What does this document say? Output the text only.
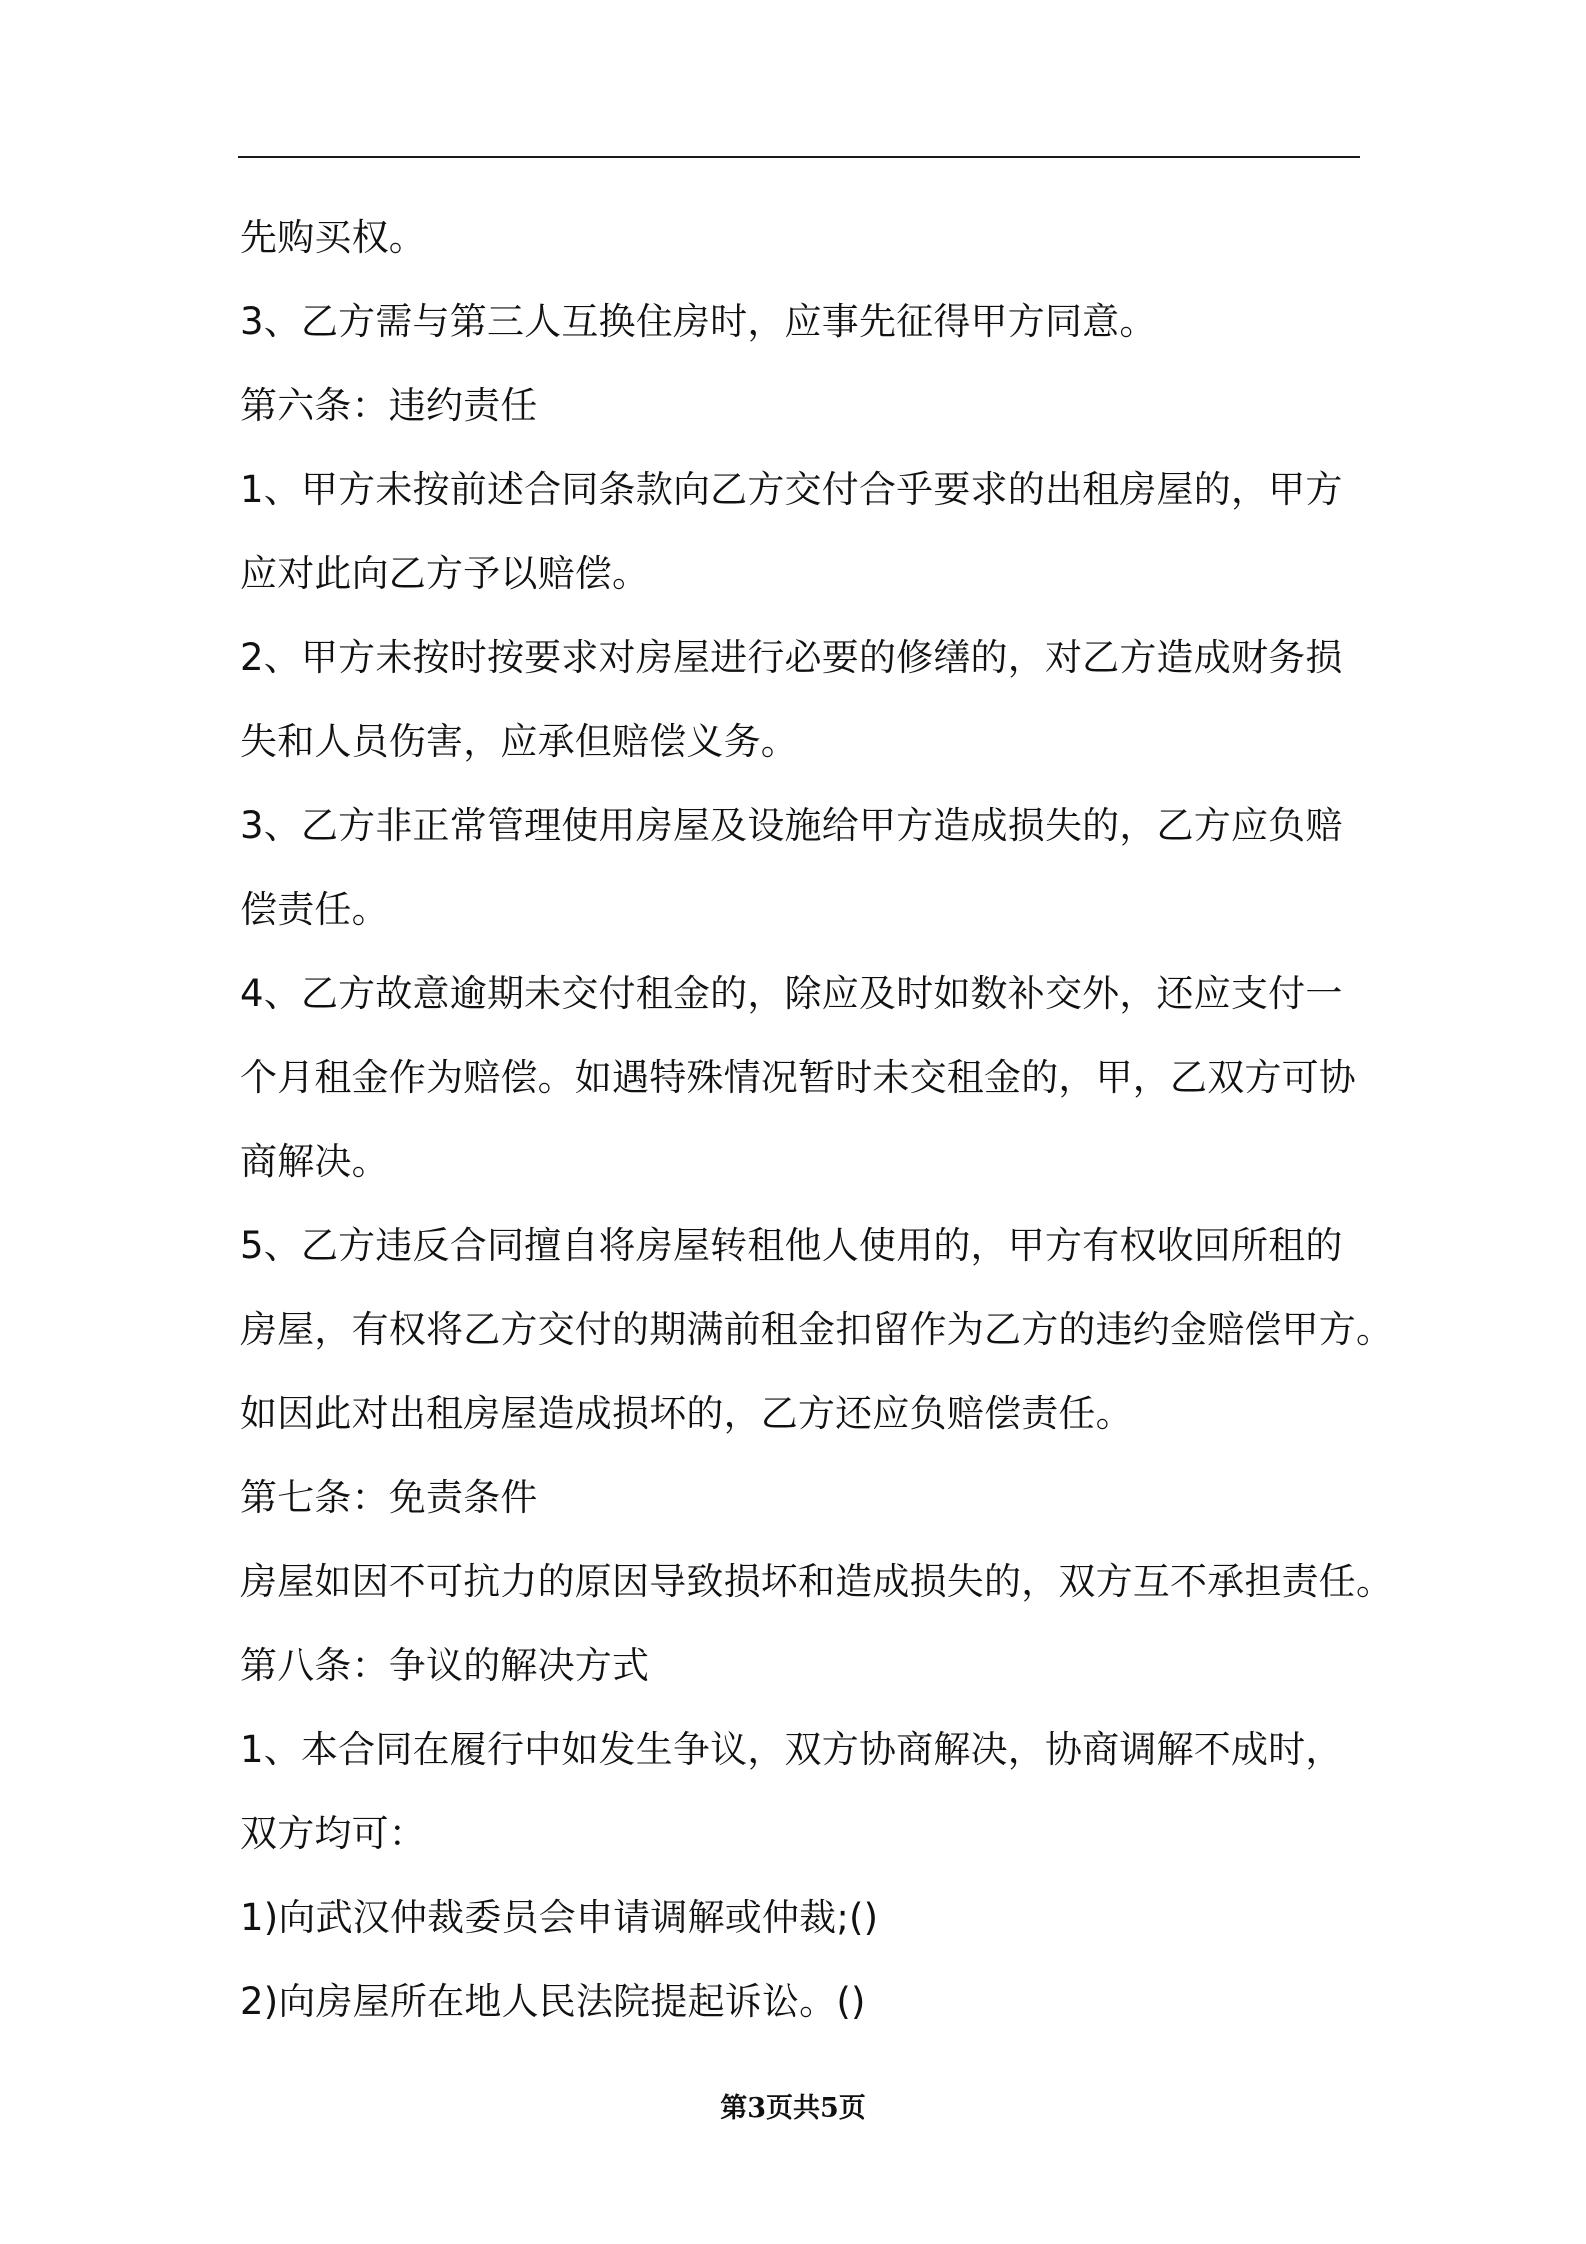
先购买权。
3、乙方需与第三人互换住房时，应事先征得甲方同意。
第六条：违约责任
1、甲方未按前述合同条款向乙方交付合乎要求的出租房屋的，甲方
应对此向乙方予以赔偿。
2、甲方未按时按要求对房屋进行必要的修缮的，对乙方造成财务损
失和人员伤害，应承但赔偿义务。
3、乙方非正常管理使用房屋及设施给甲方造成损失的，乙方应负赔
偿责任。
4、乙方故意逾期未交付租金的，除应及时如数补交外，还应支付一
个月租金作为赔偿。如遇特殊情况暂时未交租金的，甲，乙双方可协
商解决。
5、乙方违反合同擅自将房屋转租他人使用的，甲方有权收回所租的
房屋，有权将乙方交付的期满前租金扣留作为乙方的违约金赔偿甲方。
如因此对出租房屋造成损坏的，乙方还应负赔偿责任。
第七条：免责条件
房屋如因不可抗力的原因导致损坏和造成损失的，双方互不承担责任。
第八条：争议的解决方式
1、本合同在履行中如发生争议，双方协商解决，协商调解不成时，
双方均可：
1)向武汉仲裁委员会申请调解或仲裁;()
2)向房屋所在地人民法院提起诉讼。()
第3页共5页
